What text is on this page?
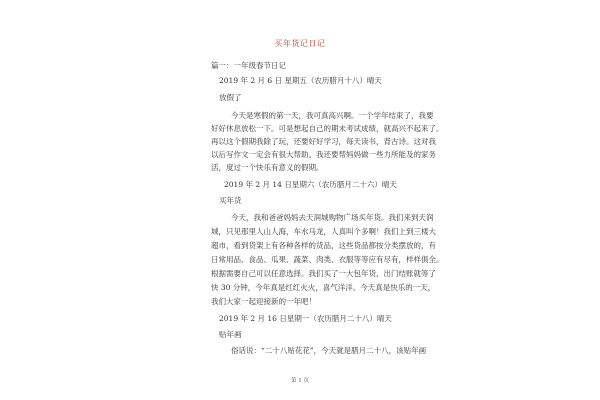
买年货记日记
篇一：一年级春节日记
2019 年 2 月 6 日 星期五（农历腊月十八）晴天
放假了
今天是寒假的第一天，我可真高兴啊。一个学年结束了，我要
好好休息放松一下。可是想起自己的期末考试成绩，就高兴不起来了。
再以这个假期我除了玩，还要好好学习，每天读书，背古诗。这对我
以后写作文一定会有很大帮助。我还要帮妈妈做一些力所能及的家务
活，度过一个快乐有意义的假期。
2019 年 2 月 14 日星期六（农历腊月二十六）晴天
买年货
今天，我和爸爸妈妈去天润城购物广场买年货。我们来到天润
城，只见那里人山人海，车水马龙，人真叫个多啊！我们上到三楼大
超市，看到货架上有各种各样的货品，这些货品都按分类摆放的，有
日常用品、食品、瓜果、蔬菜、肉类、衣服等等应有尽有，样样俱全。
根据需要自己可以任意选择。我们买了一大包年货，出门结账就等了
快 30 分钟，今年真是红红火火，喜气洋洋。今天真是快乐的一天，
我们大家一起迎接新的一年吧！
2019 年 2 月 16 日星期一（农历腊月二十八）晴天
贴年画
俗话说：“二十八贴花花”，今天就是腊月二十八，该贴年画
第 1 页
